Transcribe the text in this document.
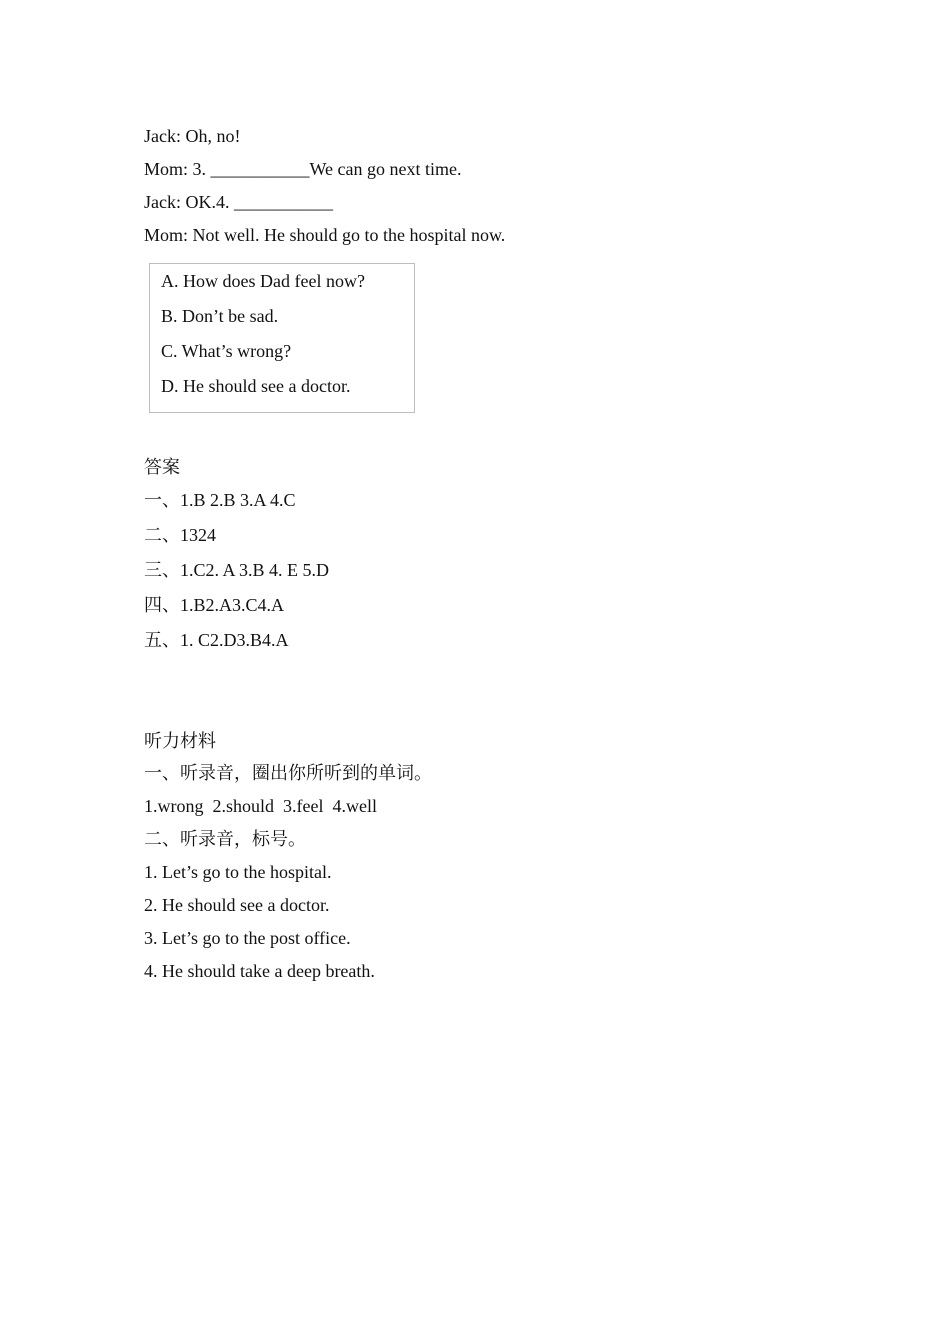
Jack: Oh, no!
Mom: 3. ___________We can go next time.
Jack: OK.4. ___________
Mom: Not well. He should go to the hospital now.
A. How does Dad feel now?
B. Don’t be sad.
C. What’s wrong?
D. He should see a doctor.
答案
一、1.B 2.B 3.A 4.C
二、1324
三、1.C2. A 3.B 4. E 5.D
四、1.B2.A3.C4.A
五、1. C2.D3.B4.A
听力材料
一、听录音，圈出你所听到的单词。
1.wrong  2.should  3.feel  4.well
二、听录音，标号。
1. Let’s go to the hospital.
2. He should see a doctor.
3. Let’s go to the post office.
4. He should take a deep breath.
